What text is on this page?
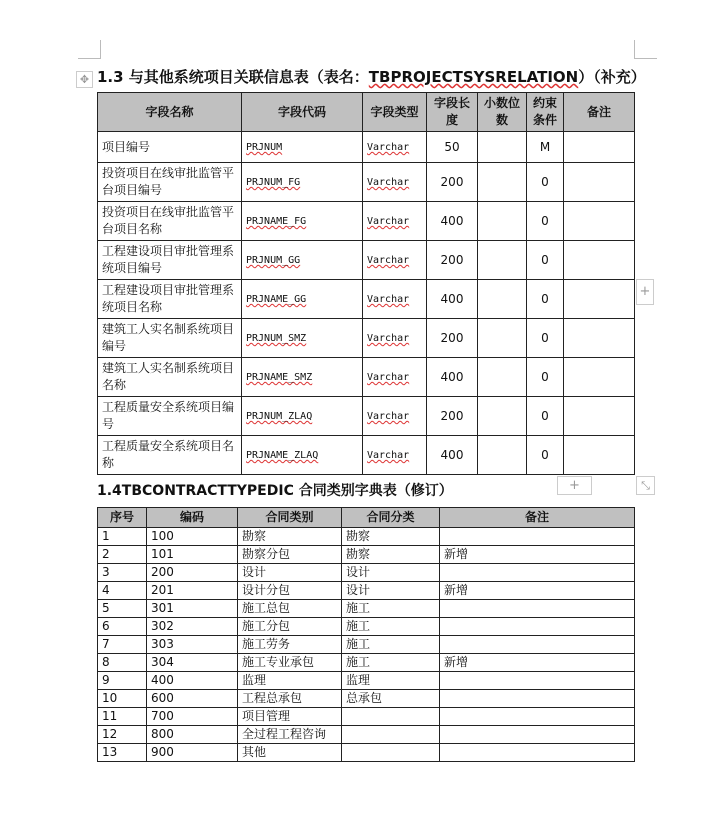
✥
+
1.3 与其他系统项目关联信息表（表名：TBPROJECTSYSRELATION）（补充）
字段名称	字段代码	字段类型	字段长度	小数位数	约束条件	备注
项目编号	PRJNUM	Varchar	50		M	
投资项目在线审批监管平台项目编号	PRJNUM_FG	Varchar	200		0	
投资项目在线审批监管平台项目名称	PRJNAME_FG	Varchar	400		0	
工程建设项目审批管理系统项目编号	PRJNUM_GG	Varchar	200		0	
工程建设项目审批管理系统项目名称	PRJNAME_GG	Varchar	400		0	
建筑工人实名制系统项目编号	PRJNUM_SMZ	Varchar	200		0	
建筑工人实名制系统项目名称	PRJNAME_SMZ	Varchar	400		0	
工程质量安全系统项目编号	PRJNUM_ZLAQ	Varchar	200		0	
工程质量安全系统项目名称	PRJNAME_ZLAQ	Varchar	400		0	
1.4TBCONTRACTTYPEDIC 合同类别字典表（修订）	+	⤡
序号	编码	合同类别	合同分类	备注
1	100	勘察	勘察	
2	101	勘察分包	勘察	新增
3	200	设计	设计	
4	201	设计分包	设计	新增
5	301	施工总包	施工	
6	302	施工分包	施工	
7	303	施工劳务	施工	
8	304	施工专业承包	施工	新增
9	400	监理	监理	
10	600	工程总承包	总承包	
11	700	项目管理		
12	800	全过程工程咨询		
13	900	其他		
